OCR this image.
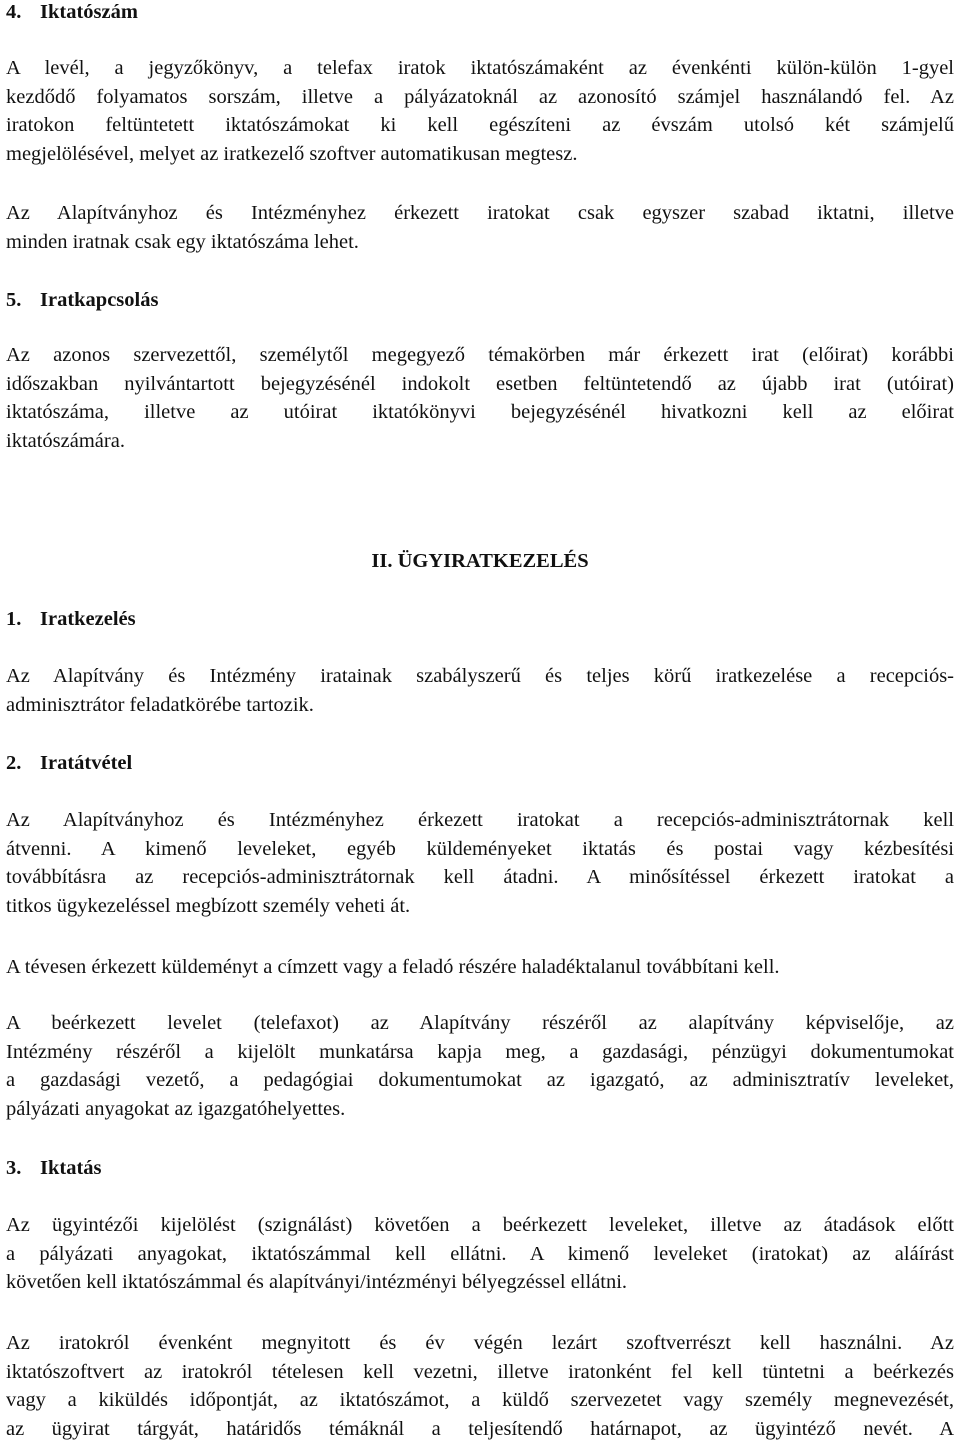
4. Iktatószám
A levél, a jegyzőkönyv, a telefax iratok iktatószámaként az évenkénti külön-külön 1-gyel
kezdődő folyamatos sorszám, illetve a pályázatoknál az azonosító számjel használandó fel. Az
iratokon feltüntetett iktatószámokat ki kell egészíteni az évszám utolsó két számjelű
megjelölésével, melyet az iratkezelő szoftver automatikusan megtesz.
Az Alapítványhoz és Intézményhez érkezett iratokat csak egyszer szabad iktatni, illetve
minden iratnak csak egy iktatószáma lehet.
5. Iratkapcsolás
Az azonos szervezettől, személytől megegyező témakörben már érkezett irat (előirat) korábbi
időszakban nyilvántartott bejegyzésénél indokolt esetben feltüntetendő az újabb irat (utóirat)
iktatószáma, illetve az utóirat iktatókönyvi bejegyzésénél hivatkozni kell az előirat
iktatószámára.
II. ÜGYIRATKEZELÉS
1. Iratkezelés
Az Alapítvány és Intézmény iratainak szabályszerű és teljes körű iratkezelése a recepciós-
adminisztrátor feladatkörébe tartozik.
2. Iratátvétel
Az Alapítványhoz és Intézményhez érkezett iratokat a recepciós-adminisztrátornak kell
átvenni. A kimenő leveleket, egyéb küldeményeket iktatás és postai vagy kézbesítési
továbbításra az recepciós-adminisztrátornak kell átadni. A minősítéssel érkezett iratokat a
titkos ügykezeléssel megbízott személy veheti át.
A tévesen érkezett küldeményt a címzett vagy a feladó részére haladéktalanul továbbítani kell.
A beérkezett levelet (telefaxot) az Alapítvány részéről az alapítvány képviselője, az
Intézmény részéről a kijelölt munkatársa kapja meg, a gazdasági, pénzügyi dokumentumokat
a gazdasági vezető, a pedagógiai dokumentumokat az igazgató, az adminisztratív leveleket,
pályázati anyagokat az igazgatóhelyettes.
3. Iktatás
Az ügyintézői kijelölést (szignálást) követően a beérkezett leveleket, illetve az átadások előtt
a pályázati anyagokat, iktatószámmal kell ellátni. A kimenő leveleket (iratokat) az aláírást
követően kell iktatószámmal és alapítványi/intézményi bélyegzéssel ellátni.
Az iratokról évenként megnyitott és év végén lezárt szoftverrészt kell használni. Az
iktatószoftvert az iratokról tételesen kell vezetni, illetve iratonként fel kell tüntetni a beérkezés
vagy a kiküldés időpontját, az iktatószámot, a küldő szervezetet vagy személy megnevezését,
az ügyirat tárgyát, határidős témáknál a teljesítendő határnapot, az ügyintéző nevét. A
